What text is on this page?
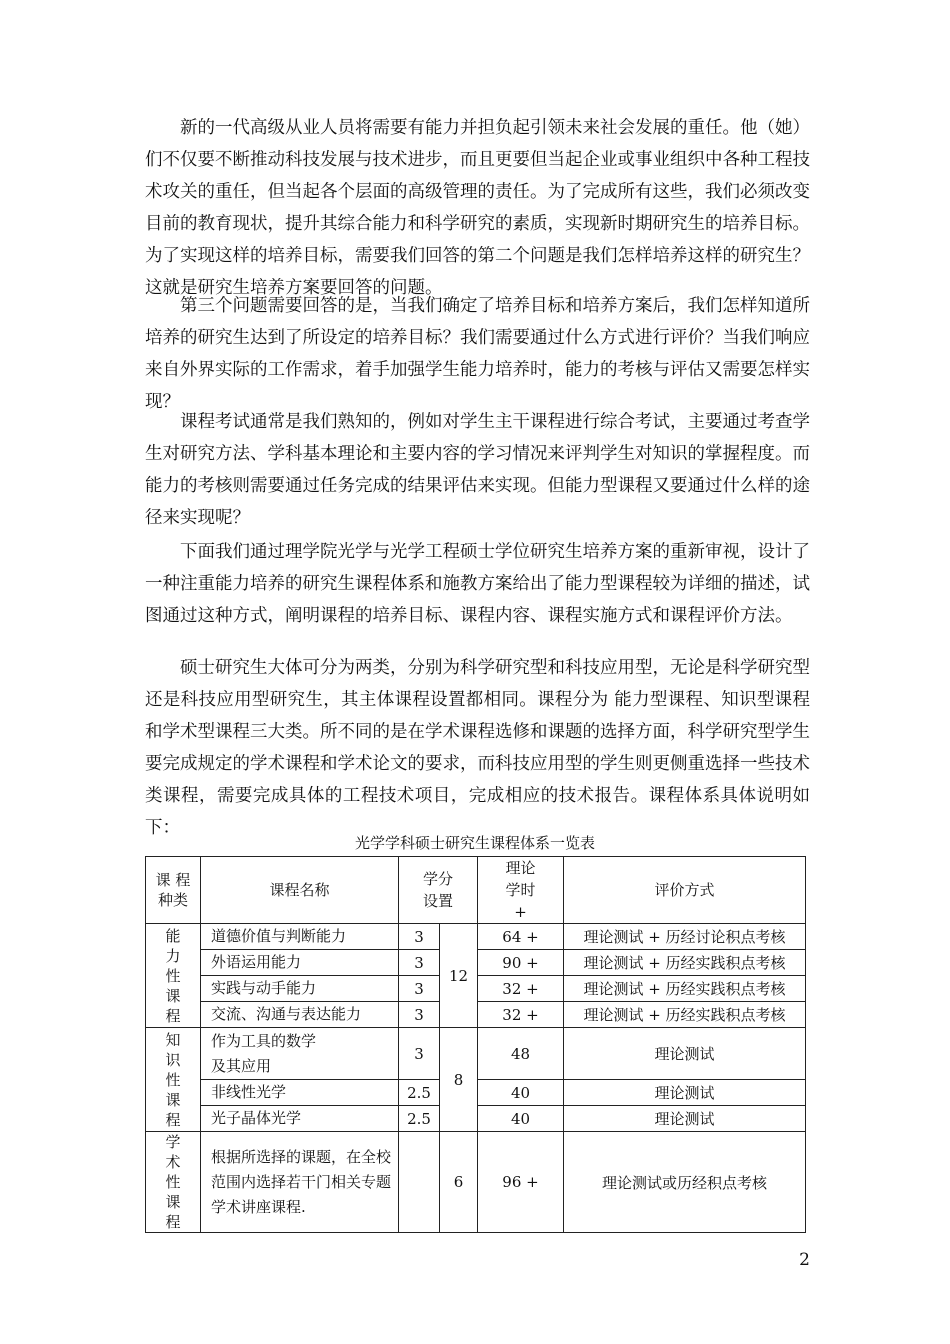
新的一代高级从业人员将需要有能力并担负起引领未来社会发展的重任。他（她）们不仅要不断推动科技发展与技术进步，而且更要但当起企业或事业组织中各种工程技术攻关的重任，但当起各个层面的高级管理的责任。为了完成所有这些，我们必须改变目前的教育现状，提升其综合能力和科学研究的素质，实现新时期研究生的培养目标。为了实现这样的培养目标，需要我们回答的第二个问题是我们怎样培养这样的研究生？ 这就是研究生培养方案要回答的问题。

第三个问题需要回答的是，当我们确定了培养目标和培养方案后，我们怎样知道所培养的研究生达到了所设定的培养目标？我们需要通过什么方式进行评价？当我们响应来自外界实际的工作需求，着手加强学生能力培养时，能力的考核与评估又需要怎样实现？

课程考试通常是我们熟知的，例如对学生主干课程进行综合考试，主要通过考查学生对研究方法、学科基本理论和主要内容的学习情况来评判学生对知识的掌握程度。而能力的考核则需要通过任务完成的结果评估来实现。但能力型课程又要通过什么样的途径来实现呢？

下面我们通过理学院光学与光学工程硕士学位研究生培养方案的重新审视，设计了一种注重能力培养的研究生课程体系和施教方案给出了能力型课程较为详细的描述，试图通过这种方式，阐明课程的培养目标、课程内容、课程实施方式和课程评价方法。

硕士研究生大体可分为两类，分别为科学研究型和科技应用型，无论是科学研究型还是科技应用型研究生，其主体课程设置都相同。课程分为 能力型课程、知识型课程和学术型课程三大类。所不同的是在学术课程选修和课题的选择方面，科学研究型学生要完成规定的学术课程和学术论文的要求，而科技应用型的学生则更侧重选择一些技术类课程，需要完成具体的工程技术项目，完成相应的技术报告。课程体系具体说明如下：

光学学科硕士研究生课程体系一览表
课 程 种类	课程名称	学分 设置		理论 学时 +	评价方式
能力性课程	道德价值与判断能力	3	12	64 +	理论测试 + 历经讨论积点考核
	外语运用能力	3		90 +	理论测试 + 历经实践积点考核
	实践与动手能力	3		32 +	理论测试 + 历经实践积点考核
	交流、沟通与表达能力	3		32 +	理论测试 + 历经实践积点考核
知识性课程	作为工具的数学
及其应用	3	8	48	理论测试
	非线性光学	2.5		40	理论测试
	光子晶体光学	2.5		40	理论测试
学术性课程	根据所选择的课题，在全校范围内选择若干门相关专题学术讲座课程.		6	96 +	理论测试或历经积点考核
2
